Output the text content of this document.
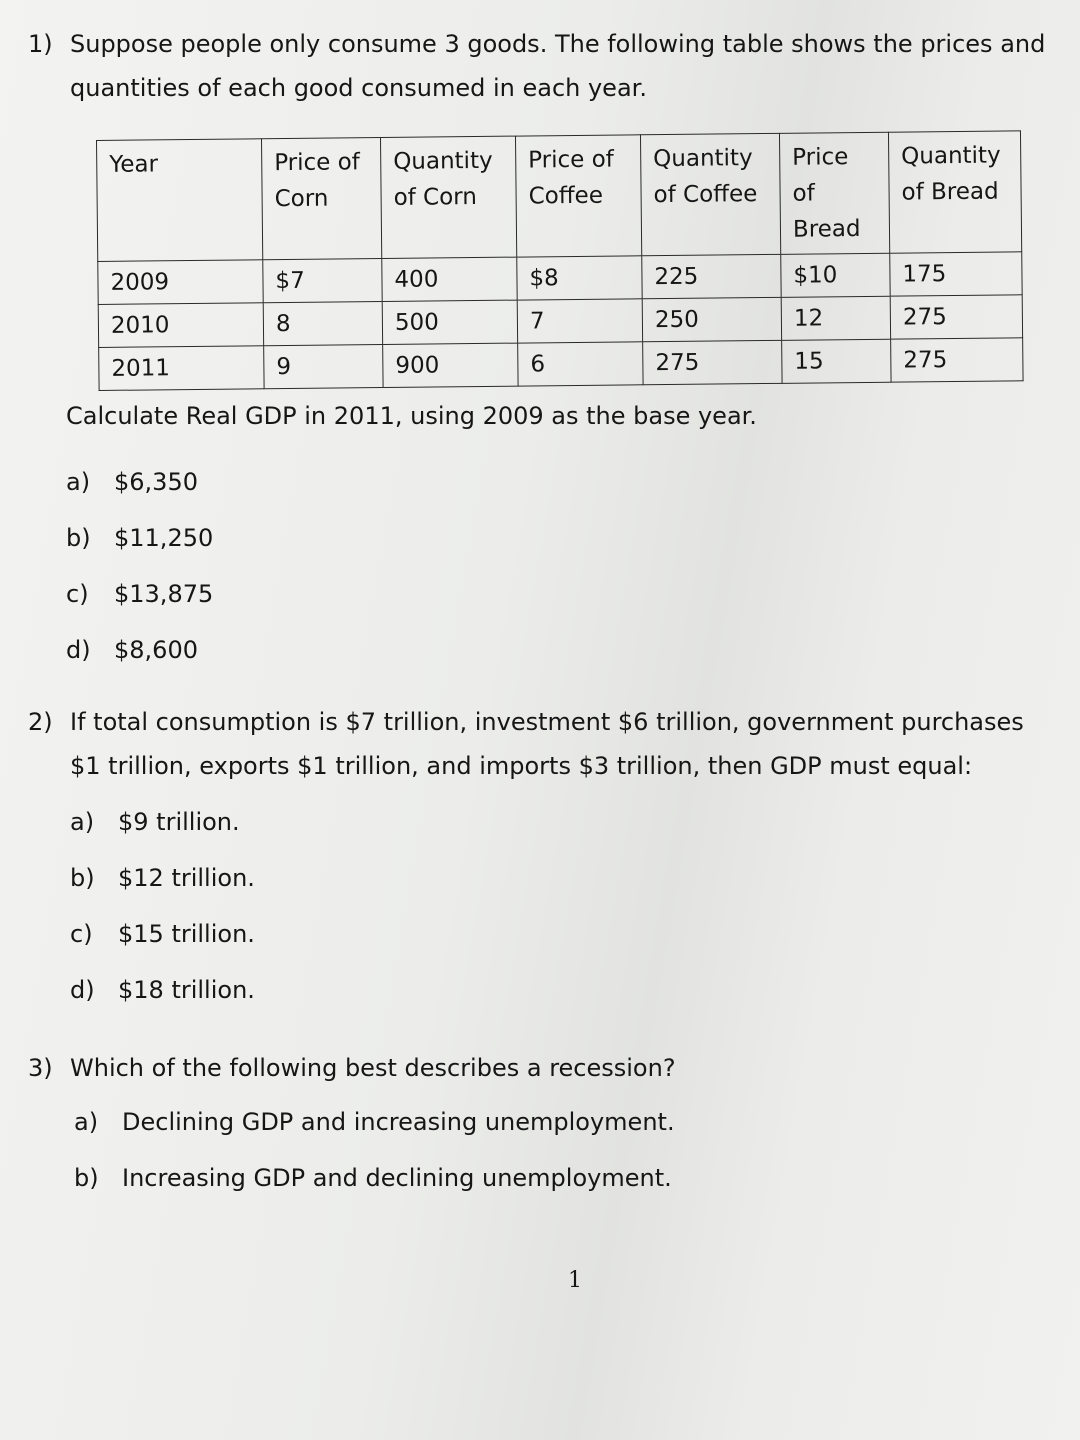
1) Suppose people only consume 3 goods. The following table shows the prices and quantities of each good consumed in each year.
Year	Price of Corn	Quantity of Corn	Price of Coffee	Quantity of Coffee	Price of Bread	Quantity of Bread
2009	$7	400	$8	225	$10	175
2010	8	500	7	250	12	275
2011	9	900	6	275	15	275
Calculate Real GDP in 2011, using 2009 as the base year.
a) $6,350
b) $11,250
c)	$13,875
d) $8,600
2) If total consumption is $7 trillion, investment $6 trillion, government purchases $1 trillion, exports $1 trillion, and imports $3 trillion, then GDP must equal:
a) $9 trillion.
b) $12 trillion.
c)	$15 trillion.
d) $18 trillion.
3) Which of the following best describes a recession?
a) Declining GDP and increasing unemployment.
b) Increasing GDP and declining unemployment.
1
